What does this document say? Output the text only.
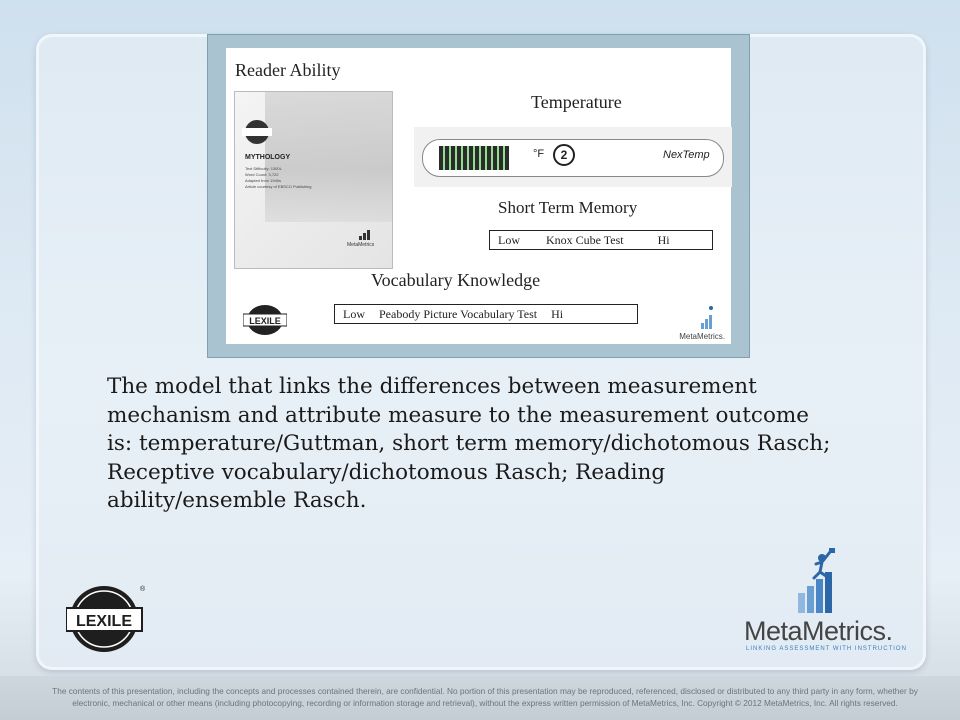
Reader Ability
Temperature
Short Term Memory
Vocabulary Knowledge
MYTHOLOGY
Text Difficulty: 1300L
Word Count: 3,722
Adapted from 1940s
Article courtesy of EBSCO Publishing
MetaMetrics
°F	2	NexTemp
Low Knox Cube Test	Hi
Low Peabody Picture Vocabulary Test Hi
LEXILE
MetaMetrics.

The model that links the differences between measurement mechanism and attribute measure to the measurement outcome is: temperature/Guttman, short term memory/dichotomous Rasch; Receptive vocabulary/dichotomous Rasch; Reading ability/ensemble Rasch.

LEXILE
®
MetaMetrics.
LINKING ASSESSMENT WITH INSTRUCTION

The contents of this presentation, including the concepts and processes contained therein, are confidential. No portion of this presentation may be reproduced, referenced, disclosed or distributed to any third party in any form, whether by electronic, mechanical or other means (including photocopying, recording or information storage and retrieval), without the express written permission of MetaMetrics, Inc. Copyright © 2012 MetaMetrics, Inc. All rights reserved.
